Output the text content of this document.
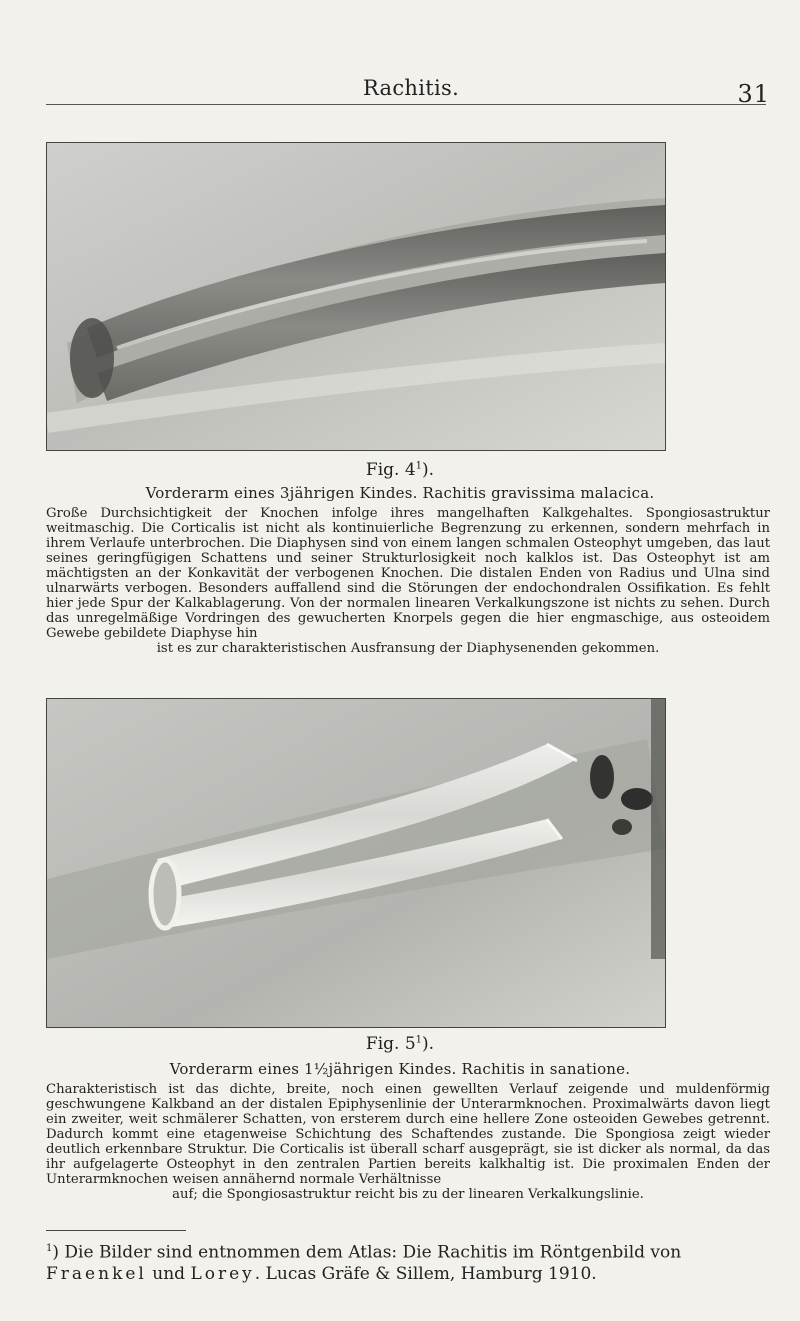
Rachitis.	31
Fig. $4^1$).
Vorderarm eines 3jährigen Kindes. Rachitis gravissima malacica.
Große Durchsichtigkeit der Knochen infolge ihres mangelhaften Kalkgehaltes. Spongiosastruktur weitmaschig. Die Corticalis ist nicht als kontinuierliche Begrenzung zu erkennen, sondern mehrfach in ihrem Verlaufe unterbrochen. Die Diaphysen sind von einem langen schmalen Osteophyt umgeben, das laut seines geringfügigen Schattens und seiner Strukturlosigkeit noch kalklos ist. Das Osteophyt ist am mächtigsten an der Konkavität der verbogenen Knochen. Die distalen Enden von Radius und Ulna sind ulnarwärts verbogen. Besonders auffallend sind die Störungen der endochondralen Ossifikation. Es fehlt hier jede Spur der Kalkablagerung. Von der normalen linearen Verkalkungszone ist nichts zu sehen. Durch das unregelmäßige Vordringen des gewucherten Knorpels gegen die hier engmaschige, aus osteoidem Gewebe gebildete Diaphyse hin
ist es zur charakteristischen Ausfransung der Diaphysenenden gekommen.
Fig. $5^1$).
Vorderarm eines 1½jährigen Kindes. Rachitis in sanatione.
Charakteristisch ist das dichte, breite, noch einen gewellten Verlauf zeigende und muldenförmig geschwungene Kalkband an der distalen Epiphysenlinie der Unterarmknochen. Proximalwärts davon liegt ein zweiter, weit schmälerer Schatten, von ersterem durch eine hellere Zone osteoiden Gewebes getrennt. Dadurch kommt eine etagenweise Schichtung des Schaftendes zustande. Die Spongiosa zeigt wieder deutlich erkennbare Struktur. Die Corticalis ist überall scharf ausgeprägt, sie ist dicker als normal, da das ihr aufgelagerte Osteophyt in den zentralen Partien bereits kalkhaltig ist. Die proximalen Enden der Unterarmknochen weisen annähernd normale Verhältnisse
auf; die Spongiosastruktur reicht bis zu der linearen Verkalkungslinie.
$^1$) Die Bilder sind entnommen dem Atlas: Die Rachitis im Röntgenbild von Fraenkel und Lorey. Lucas Gräfe & Sillem, Hamburg 1910.
